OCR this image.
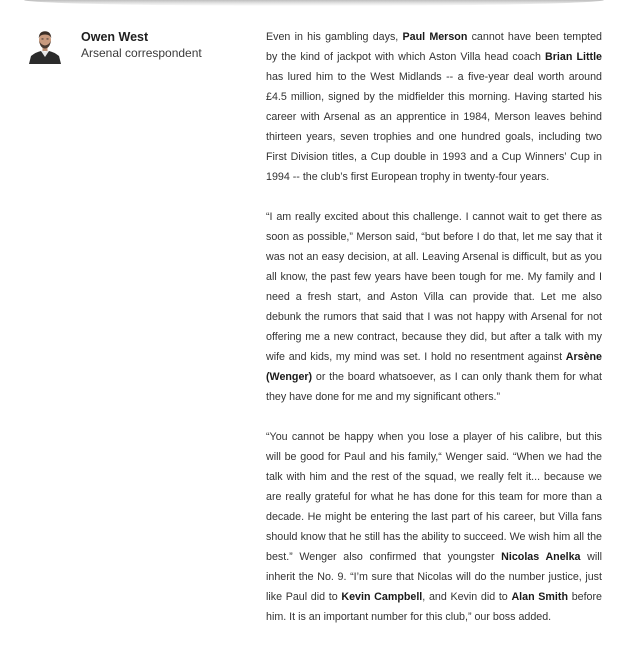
Owen West
Arsenal correspondent

Even in his gambling days, Paul Merson cannot have been tempted by the kind of jackpot with which Aston Villa head coach Brian Little has lured him to the West Midlands -- a five-year deal worth around £4.5 million, signed by the midfielder this morning. Having started his career with Arsenal as an apprentice in 1984, Merson leaves behind thirteen years, seven trophies and one hundred goals, including two First Division titles, a Cup double in 1993 and a Cup Winners’ Cup in 1994 -- the club’s first European trophy in twenty-four years.

“I am really excited about this challenge. I cannot wait to get there as soon as possible,” Merson said, “but before I do that, let me say that it was not an easy decision, at all. Leaving Arsenal is difficult, but as you all know, the past few years have been tough for me. My family and I need a fresh start, and Aston Villa can provide that. Let me also debunk the rumors that said that I was not happy with Arsenal for not offering me a new contract, because they did, but after a talk with my wife and kids, my mind was set. I hold no resentment against Arsène (Wenger) or the board whatsoever, as I can only thank them for what they have done for me and my significant others.”

“You cannot be happy when you lose a player of his calibre, but this will be good for Paul and his family,“ Wenger said. “When we had the talk with him and the rest of the squad, we really felt it... because we are really grateful for what he has done for this team for more than a decade. He might be entering the last part of his career, but Villa fans should know that he still has the ability to succeed. We wish him all the best.” Wenger also confirmed that youngster Nicolas Anelka will inherit the No. 9. “I’m sure that Nicolas will do the number justice, just like Paul did to Kevin Campbell, and Kevin did to Alan Smith before him. It is an important number for this club,” our boss added.
